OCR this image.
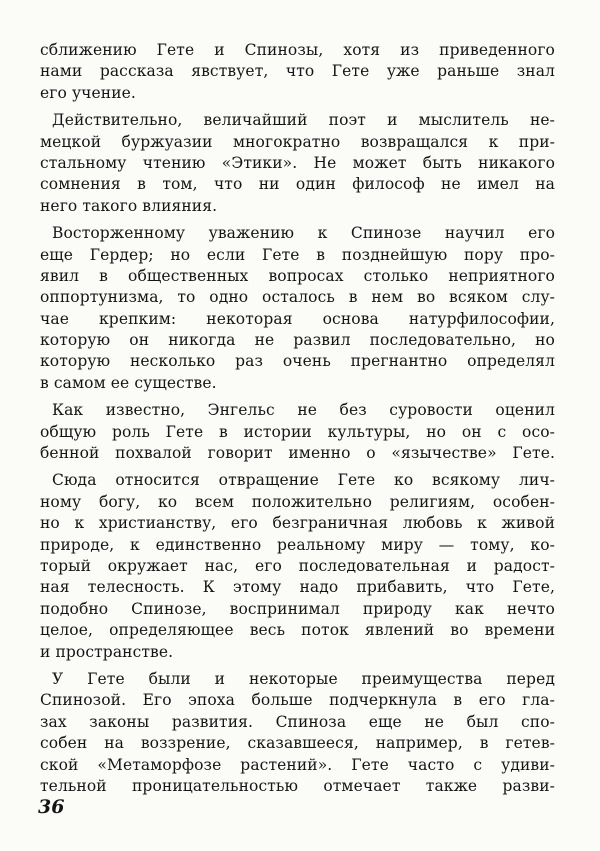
сближению Гете и Спинозы, хотя из приведенного
нами рассказа явствует, что Гете уже раньше знал
его учение.
Действительно, величайший поэт и мыслитель не-
мецкой буржуазии многократно возвращался к при-
стальному чтению «Этики». Не может быть никакого
сомнения в том, что ни один философ не имел на
него такого влияния.
Восторженному уважению к Спинозе научил его
еще Гердер; но если Гете в позднейшую пору про-
явил в общественных вопросах столько неприятного
оппортунизма, то одно осталось в нем во всяком слу-
чае крепким: некоторая основа натурфилософии,
которую он никогда не развил последовательно, но
которую несколько раз очень прегнантно определял
в самом ее существе.
Как известно, Энгельс не без суровости оценил
общую роль Гете в истории культуры, но он с осо-
бенной похвалой говорит именно о «язычестве» Гете.
Сюда относится отвращение Гете ко всякому лич-
ному богу, ко всем положительно религиям, особен-
но к христианству, его безграничная любовь к живой
природе, к единственно реальному миру — тому, ко-
торый окружает нас, его последовательная и радост-
ная телесность. К этому надо прибавить, что Гете,
подобно Спинозе, воспринимал природу как нечто
целое, определяющее весь поток явлений во времени
и пространстве.
У Гете были и некоторые преимущества перед
Спинозой. Его эпоха больше подчеркнула в его гла-
зах законы развития. Спиноза еще не был спо-
собен на воззрение, сказавшееся, например, в гетев-
ской «Метаморфозе растений». Гете часто с удиви-
тельной проницательностью отмечает также разви-
36
